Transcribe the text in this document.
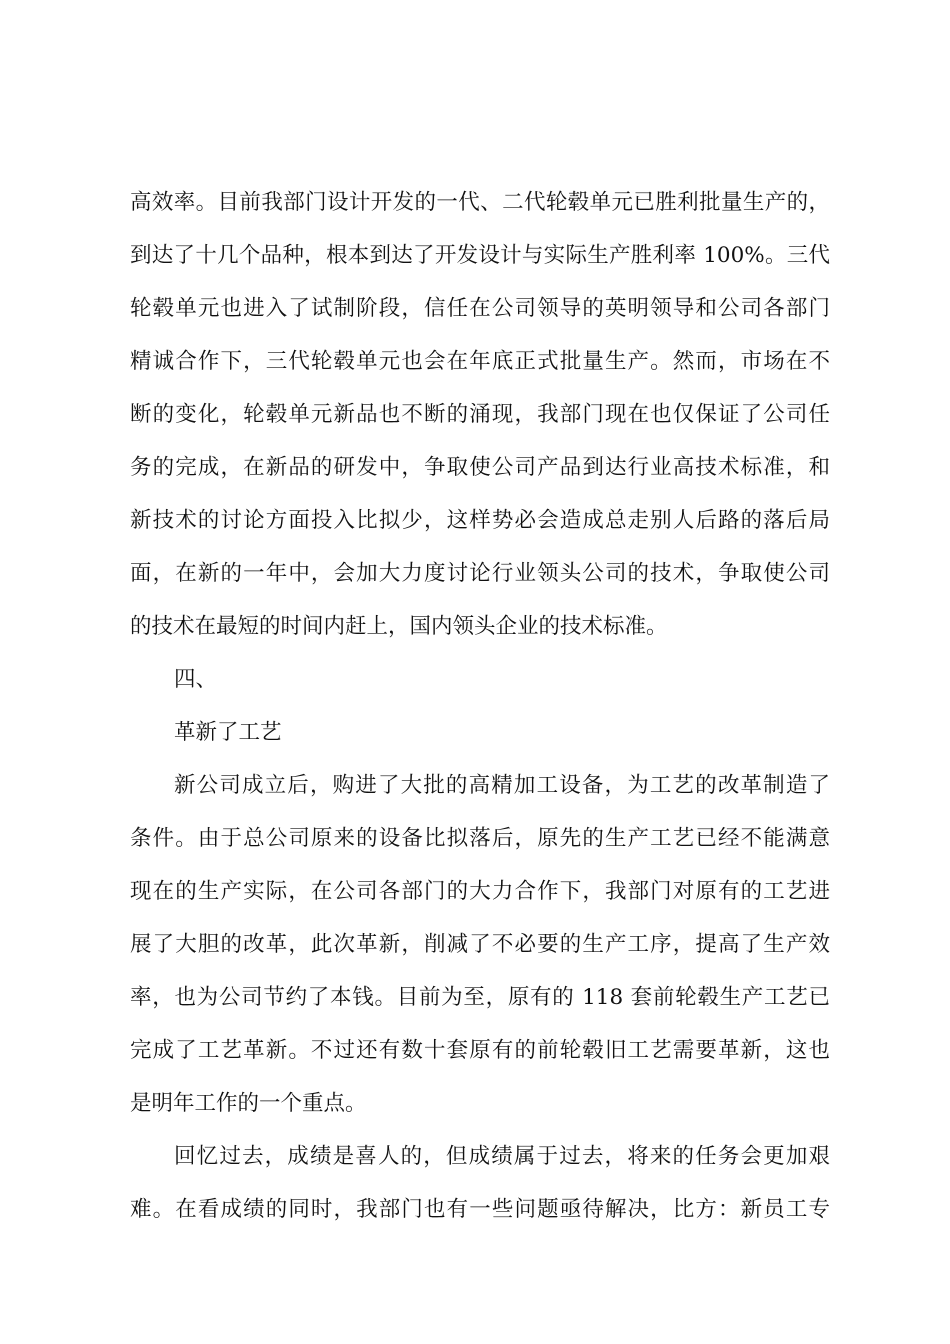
高效率。目前我部门设计开发的一代、二代轮毂单元已胜利批量生产的，
到达了十几个品种，根本到达了开发设计与实际生产胜利率 100%。三代
轮毂单元也进入了试制阶段，信任在公司领导的英明领导和公司各部门
精诚合作下，三代轮毂单元也会在年底正式批量生产。然而，市场在不
断的变化，轮毂单元新品也不断的涌现，我部门现在也仅保证了公司任
务的完成，在新品的研发中，争取使公司产品到达行业高技术标准，和
新技术的讨论方面投入比拟少，这样势必会造成总走别人后路的落后局
面，在新的一年中，会加大力度讨论行业领头公司的技术，争取使公司
的技术在最短的时间内赶上，国内领头企业的技术标准。
四、
革新了工艺
新公司成立后，购进了大批的高精加工设备，为工艺的改革制造了
条件。由于总公司原来的设备比拟落后，原先的生产工艺已经不能满意
现在的生产实际，在公司各部门的大力合作下，我部门对原有的工艺进
展了大胆的改革，此次革新，削减了不必要的生产工序，提高了生产效
率，也为公司节约了本钱。目前为至，原有的 118 套前轮毂生产工艺已
完成了工艺革新。不过还有数十套原有的前轮毂旧工艺需要革新，这也
是明年工作的一个重点。
回忆过去，成绩是喜人的，但成绩属于过去，将来的任务会更加艰
难。在看成绩的同时，我部门也有一些问题亟待解决，比方：新员工专
